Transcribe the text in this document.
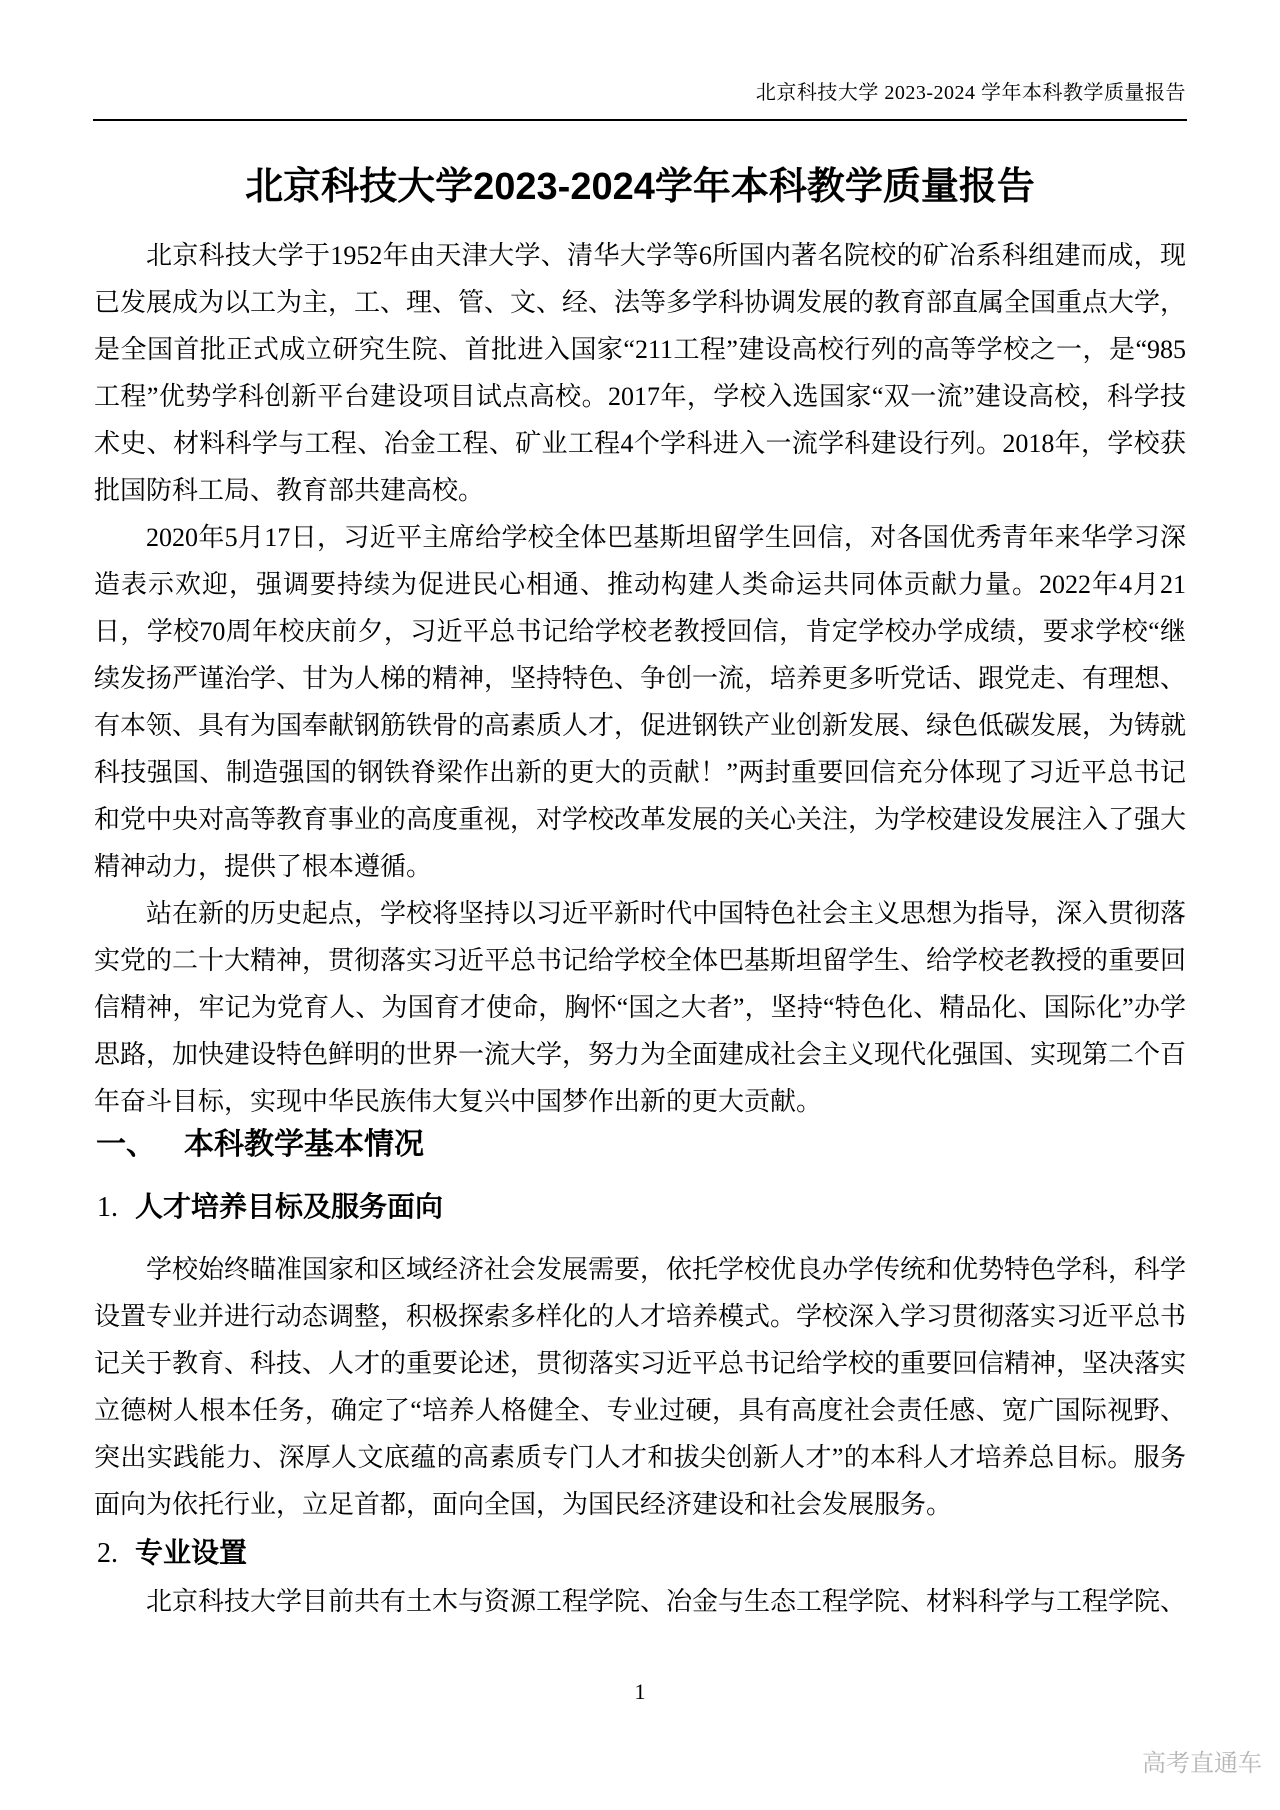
北京科技大学 2023-2024 学年本科教学质量报告
北京科技大学2023-2024学年本科教学质量报告

北京科技大学于1952年由天津大学、清华大学等6所国内著名院校的矿冶系科组建而成，现已发展成为以工为主，工、理、管、文、经、法等多学科协调发展的教育部直属全国重点大学，是全国首批正式成立研究生院、首批进入国家“211工程”建设高校行列的高等学校之一，是“985工程”优势学科创新平台建设项目试点高校。2017年，学校入选国家“双一流”建设高校，科学技术史、材料科学与工程、冶金工程、矿业工程4个学科进入一流学科建设行列。2018年，学校获批国防科工局、教育部共建高校。

2020年5月17日，习近平主席给学校全体巴基斯坦留学生回信，对各国优秀青年来华学习深造表示欢迎，强调要持续为促进民心相通、推动构建人类命运共同体贡献力量。2022年4月21日，学校70周年校庆前夕，习近平总书记给学校老教授回信，肯定学校办学成绩，要求学校“继续发扬严谨治学、甘为人梯的精神，坚持特色、争创一流，培养更多听党话、跟党走、有理想、有本领、具有为国奉献钢筋铁骨的高素质人才，促进钢铁产业创新发展、绿色低碳发展，为铸就科技强国、制造强国的钢铁脊梁作出新的更大的贡献！”两封重要回信充分体现了习近平总书记和党中央对高等教育事业的高度重视，对学校改革发展的关心关注，为学校建设发展注入了强大精神动力，提供了根本遵循。

站在新的历史起点，学校将坚持以习近平新时代中国特色社会主义思想为指导，深入贯彻落实党的二十大精神，贯彻落实习近平总书记给学校全体巴基斯坦留学生、给学校老教授的重要回信精神，牢记为党育人、为国育才使命，胸怀“国之大者”，坚持“特色化、精品化、国际化”办学思路，加快建设特色鲜明的世界一流大学，努力为全面建成社会主义现代化强国、实现第二个百年奋斗目标，实现中华民族伟大复兴中国梦作出新的更大贡献。

一、 本科教学基本情况
1. 人才培养目标及服务面向

学校始终瞄准国家和区域经济社会发展需要，依托学校优良办学传统和优势特色学科，科学设置专业并进行动态调整，积极探索多样化的人才培养模式。学校深入学习贯彻落实习近平总书记关于教育、科技、人才的重要论述，贯彻落实习近平总书记给学校的重要回信精神，坚决落实立德树人根本任务，确定了“培养人格健全、专业过硬，具有高度社会责任感、宽广国际视野、突出实践能力、深厚人文底蕴的高素质专门人才和拔尖创新人才”的本科人才培养总目标。服务面向为依托行业，立足首都，面向全国，为国民经济建设和社会发展服务。

2. 专业设置

北京科技大学目前共有土木与资源工程学院、冶金与生态工程学院、材料科学与工程学院、

1
高考直通车
